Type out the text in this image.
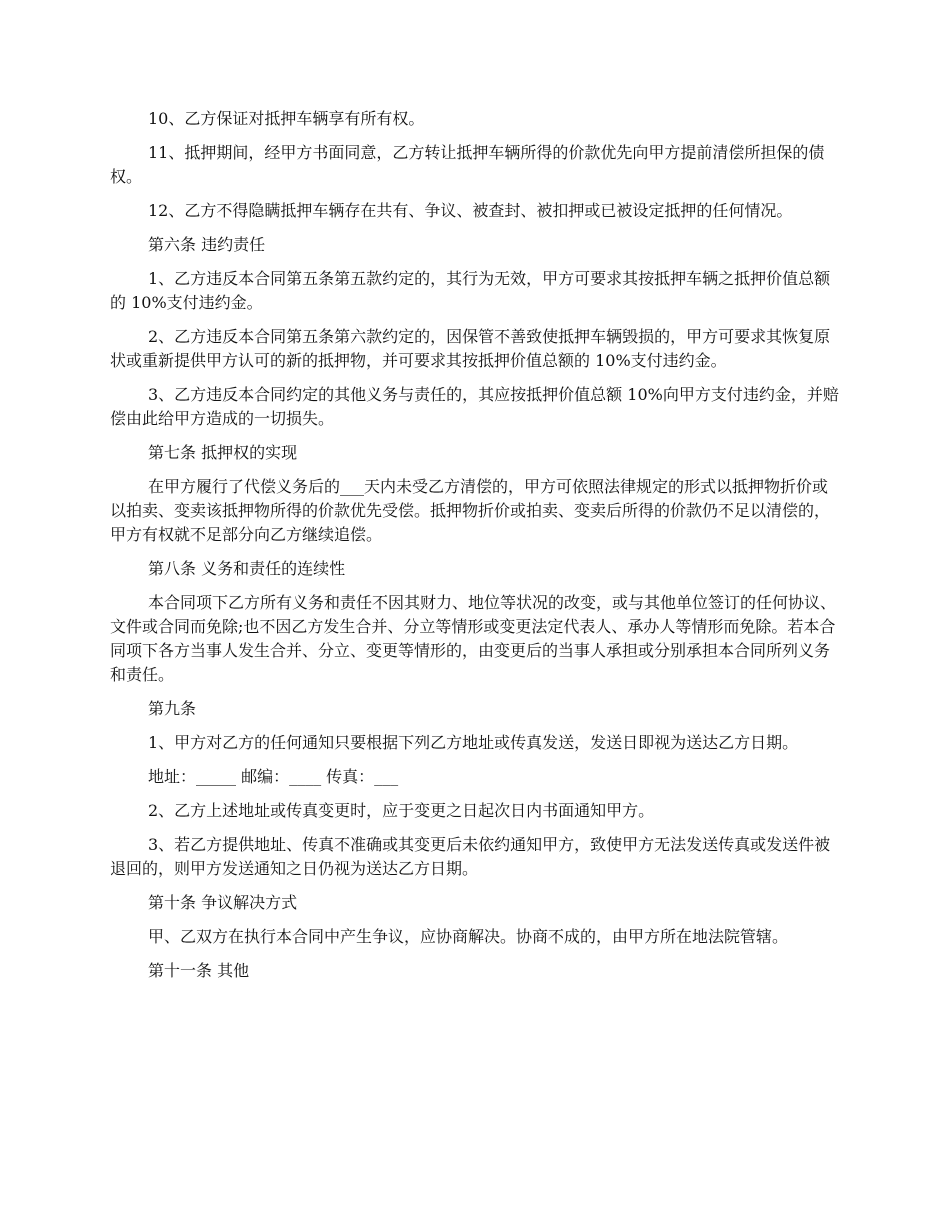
10、乙方保证对抵押车辆享有所有权。

11、抵押期间，经甲方书面同意，乙方转让抵押车辆所得的价款优先向甲方提前清偿所担保的债权。

12、乙方不得隐瞒抵押车辆存在共有、争议、被查封、被扣押或已被设定抵押的任何情况。

第六条 违约责任

1、乙方违反本合同第五条第五款约定的，其行为无效，甲方可要求其按抵押车辆之抵押价值总额的 10%支付违约金。

2、乙方违反本合同第五条第六款约定的，因保管不善致使抵押车辆毁损的，甲方可要求其恢复原状或重新提供甲方认可的新的抵押物，并可要求其按抵押价值总额的 10%支付违约金。

3、乙方违反本合同约定的其他义务与责任的，其应按抵押价值总额 10%向甲方支付违约金，并赔偿由此给甲方造成的一切损失。

第七条 抵押权的实现

在甲方履行了代偿义务后的___天内未受乙方清偿的，甲方可依照法律规定的形式以抵押物折价或以拍卖、变卖该抵押物所得的价款优先受偿。抵押物折价或拍卖、变卖后所得的价款仍不足以清偿的，甲方有权就不足部分向乙方继续追偿。

第八条 义务和责任的连续性

本合同项下乙方所有义务和责任不因其财力、地位等状况的改变，或与其他单位签订的任何协议、文件或合同而免除;也不因乙方发生合并、分立等情形或变更法定代表人、承办人等情形而免除。若本合同项下各方当事人发生合并、分立、变更等情形的，由变更后的当事人承担或分别承担本合同所列义务和责任。

第九条

1、甲方对乙方的任何通知只要根据下列乙方地址或传真发送，发送日即视为送达乙方日期。

地址：_____ 邮编：____ 传真：___

2、乙方上述地址或传真变更时，应于变更之日起次日内书面通知甲方。

3、若乙方提供地址、传真不准确或其变更后未依约通知甲方，致使甲方无法发送传真或发送件被退回的，则甲方发送通知之日仍视为送达乙方日期。

第十条 争议解决方式

甲、乙双方在执行本合同中产生争议，应协商解决。协商不成的，由甲方所在地法院管辖。

第十一条 其他
